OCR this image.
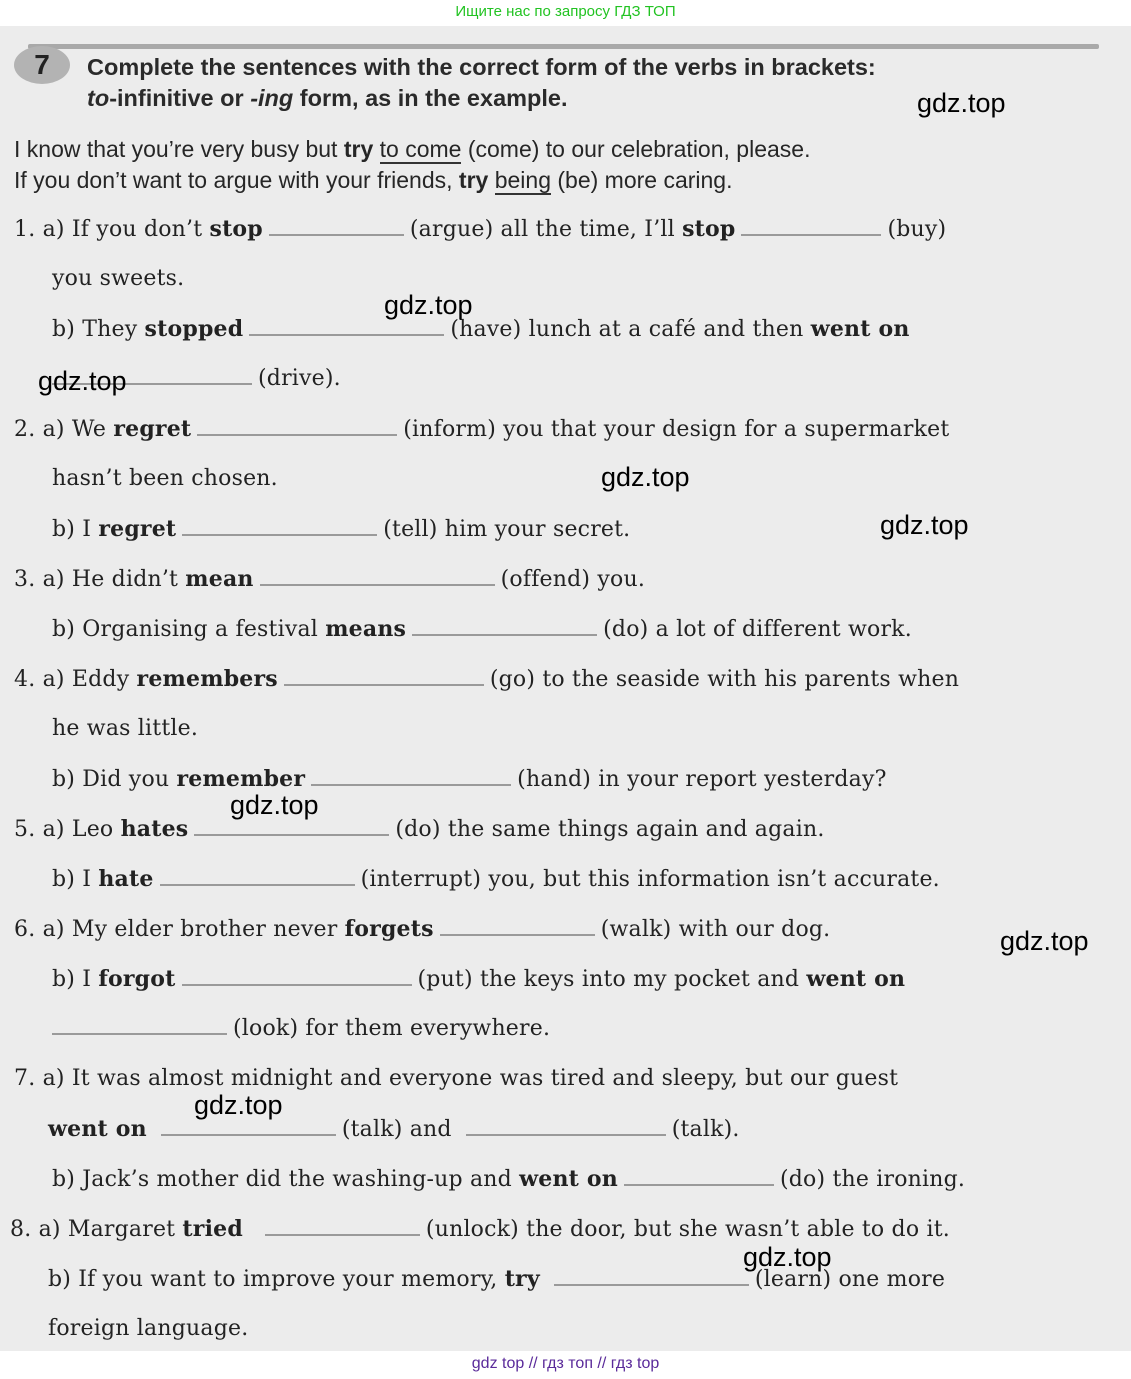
Ищите нас по запросу ГДЗ ТОП
7	Complete the sentences with the correct form of the verbs in brackets:
to-infinitive or -ing form, as in the example.
I know that you’re very busy but try to come (come) to our celebration, please.
If you don’t want to argue with your friends, try being (be) more caring.
1. a) If you don’t stop	(argue) all the time, I’ll stop	(buy)
you sweets.
b) They stopped	(have) lunch at a café and then went on
(drive).
2. a) We regret	(inform) you that your design for a supermarket
hasn’t been chosen.
b) I regret	(tell) him your secret.
3. a) He didn’t mean	(offend) you.
b) Organising a festival means	(do) a lot of different work.
4. a) Eddy remembers	(go) to the seaside with his parents when
he was little.
b) Did you remember	(hand) in your report yesterday?
5. a) Leo hates	(do) the same things again and again.
b) I hate	(interrupt) you, but this information isn’t accurate.
6. a) My elder brother never forgets	(walk) with our dog.
b) I forgot	(put) the keys into my pocket and went on
(look) for them everywhere.
7. a) It was almost midnight and everyone was tired and sleepy, but our guest
went on	(talk) and	(talk).
b) Jack’s mother did the washing-up and went on	(do) the ironing.
8. a) Margaret tried	(unlock) the door, but she wasn’t able to do it.
b) If you want to improve your memory, try	(learn) one more
foreign language.
gdz.top
gdz.top
gdz.top
gdz.top
gdz.top
gdz.top
gdz.top
gdz.top
gdz.top
gdz top // гдз топ // гдз top
